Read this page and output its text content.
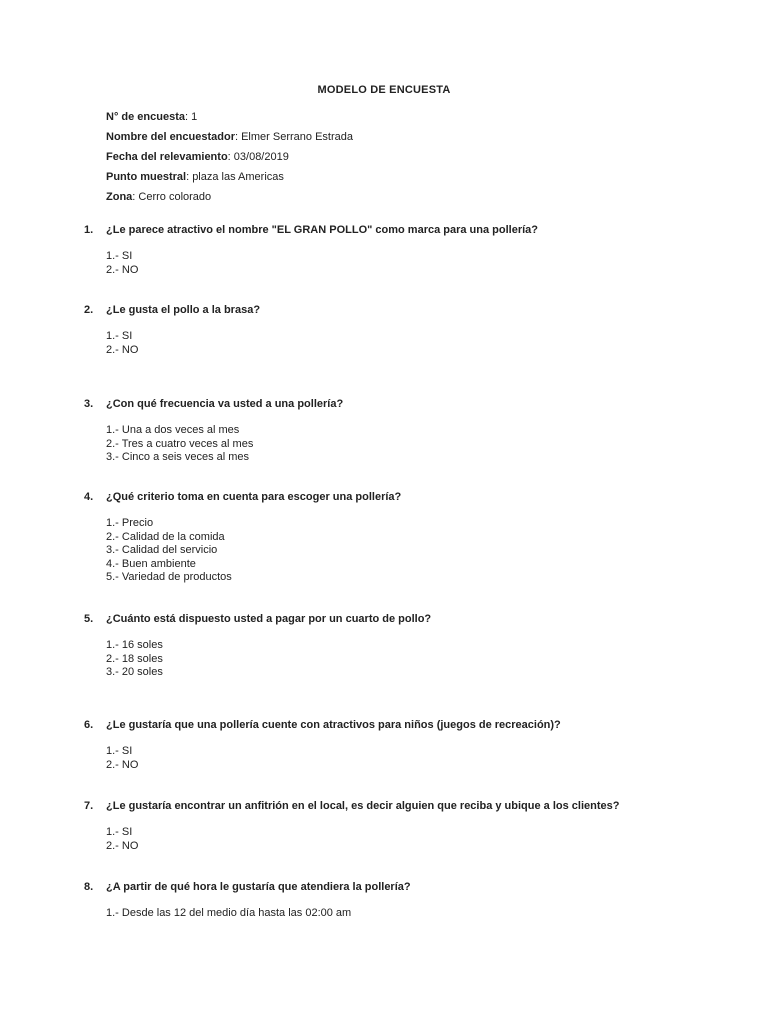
MODELO DE ENCUESTA
N° de encuesta: 1
Nombre del encuestador: Elmer Serrano Estrada
Fecha del relevamiento: 03/08/2019
Punto muestral: plaza las Americas
Zona: Cerro colorado
1. ¿Le parece atractivo el nombre "EL GRAN POLLO" como marca para una pollería?
1.- SI
2.- NO
2. ¿Le gusta el pollo a la brasa?
1.- SI
2.- NO
3. ¿Con qué frecuencia va usted a una pollería?
1.- Una a dos veces al mes
2.- Tres a cuatro veces al mes
3.- Cinco a seis veces al mes
4. ¿Qué criterio toma en cuenta para escoger una pollería?
1.- Precio
2.- Calidad de la comida
3.- Calidad del servicio
4.- Buen ambiente
5.- Variedad de productos
5. ¿Cuánto está dispuesto usted a pagar por un cuarto de pollo?
1.- 16 soles
2.- 18 soles
3.- 20 soles
6. ¿Le gustaría que una pollería cuente con atractivos para niños (juegos de recreación)?
1.- SI
2.- NO
7. ¿Le gustaría encontrar un anfitrión en el local, es decir alguien que reciba y ubique a los clientes?
1.- SI
2.- NO
8. ¿A partir de qué hora le gustaría que atendiera la pollería?
1.- Desde las 12 del medio día hasta las 02:00 am
